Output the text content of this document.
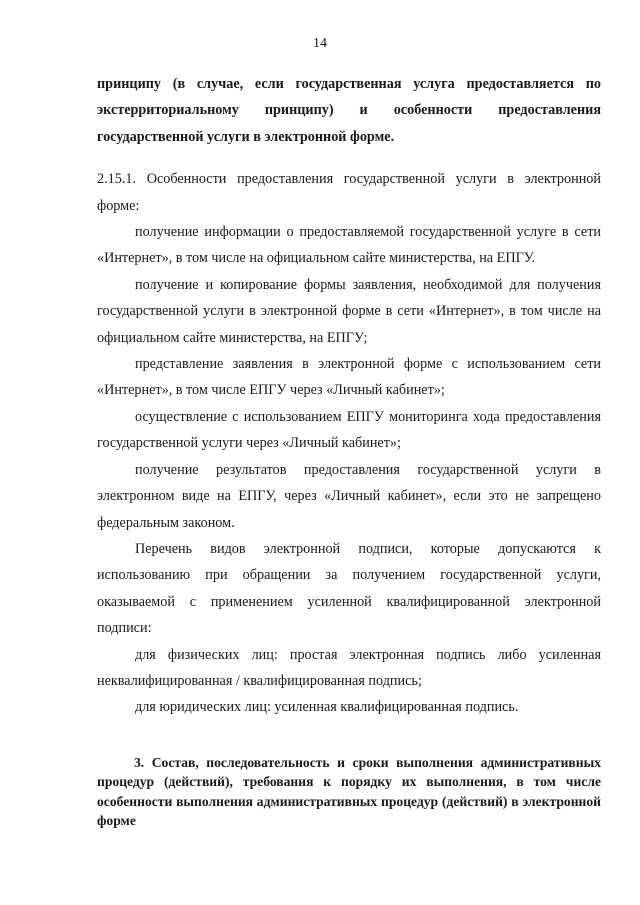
14

принципу (в случае, если государственная услуга предоставляется по экстерриториальному принципу) и особенности предоставления государственной услуги в электронной форме.

2.15.1. Особенности предоставления государственной услуги в электронной форме:

получение информации о предоставляемой государственной услуге в сети «Интернет», в том числе на официальном сайте министерства, на ЕПГУ.

получение и копирование формы заявления, необходимой для получения государственной услуги в электронной форме в сети «Интернет», в том числе на официальном сайте министерства, на ЕПГУ;

представление заявления в электронной форме с использованием сети «Интернет», в том числе ЕПГУ через «Личный кабинет»;

осуществление с использованием ЕПГУ мониторинга хода предоставления государственной услуги через «Личный кабинет»;

получение результатов предоставления государственной услуги в электронном виде на ЕПГУ, через «Личный кабинет», если это не запрещено федеральным законом.

Перечень видов электронной подписи, которые допускаются к использованию при обращении за получением государственной услуги, оказываемой с применением усиленной квалифицированной электронной подписи:

для физических лиц: простая электронная подпись либо усиленная неквалифицированная / квалифицированная подпись;

для юридических лиц: усиленная квалифицированная подпись.

3. Состав, последовательность и сроки выполнения административных процедур (действий), требования к порядку их выполнения, в том числе особенности выполнения административных процедур (действий) в электронной форме
